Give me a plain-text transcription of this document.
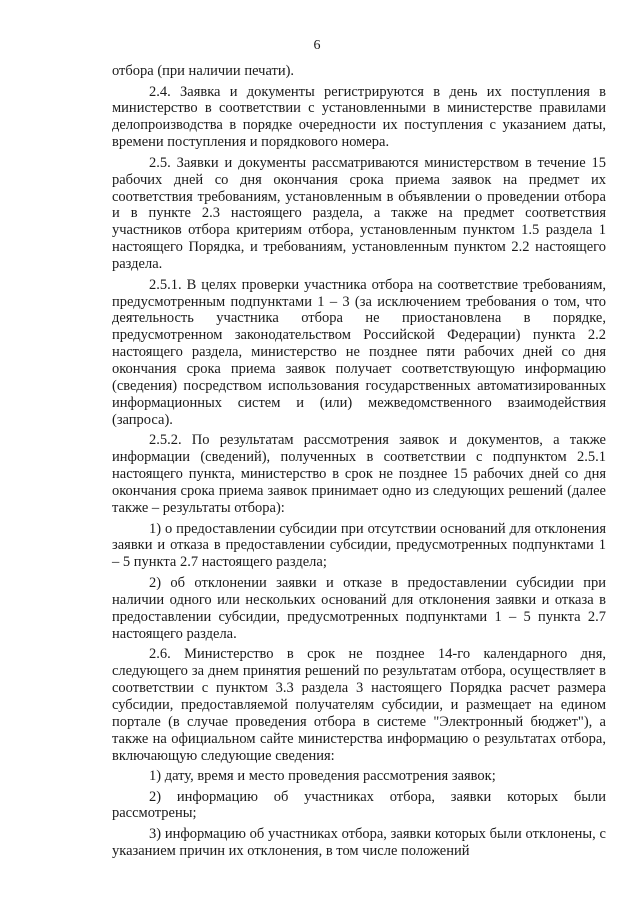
6

отбора (при наличии печати).

2.4. Заявка и документы регистрируются в день их поступления в министерство в соответствии с установленными в министерстве правилами делопроизводства в порядке очередности их поступления с указанием даты, времени поступления и порядкового номера.

2.5. Заявки и документы рассматриваются министерством в течение 15 рабочих дней со дня окончания срока приема заявок на предмет их соответствия требованиям, установленным в объявлении о проведении отбора и в пункте 2.3 настоящего раздела, а также на предмет соответствия участников отбора критериям отбора, установленным пунктом 1.5 раздела 1 настоящего Порядка, и требованиям, установленным пунктом 2.2 настоящего раздела.

2.5.1. В целях проверки участника отбора на соответствие требованиям, предусмотренным подпунктами 1 – 3 (за исключением требования о том, что деятельность участника отбора не приостановлена в порядке, предусмотренном законодательством Российской Федерации) пункта 2.2 настоящего раздела, министерство не позднее пяти рабочих дней со дня окончания срока приема заявок получает соответствующую информацию (сведения) посредством использования государственных автоматизированных информационных систем и (или) межведомственного взаимодействия (запроса).

2.5.2. По результатам рассмотрения заявок и документов, а также информации (сведений), полученных в соответствии с подпунктом 2.5.1 настоящего пункта, министерство в срок не позднее 15 рабочих дней со дня окончания срока приема заявок принимает одно из следующих решений (далее также – результаты отбора):

1) о предоставлении субсидии при отсутствии оснований для отклонения заявки и отказа в предоставлении субсидии, предусмотренных подпунктами 1 – 5 пункта 2.7 настоящего раздела;

2) об отклонении заявки и отказе в предоставлении субсидии при наличии одного или нескольких оснований для отклонения заявки и отказа в предоставлении субсидии, предусмотренных подпунктами 1 – 5 пункта 2.7 настоящего раздела.

2.6. Министерство в срок не позднее 14-го календарного дня, следующего за днем принятия решений по результатам отбора, осуществляет в соответствии с пунктом 3.3 раздела 3 настоящего Порядка расчет размера субсидии, предоставляемой получателям субсидии, и размещает на едином портале (в случае проведения отбора в системе "Электронный бюджет"), а также на официальном сайте министерства информацию о результатах отбора, включающую следующие сведения:

1) дату, время и место проведения рассмотрения заявок;

2) информацию об участниках отбора, заявки которых были рассмотрены;

3) информацию об участниках отбора, заявки которых были отклонены, с указанием причин их отклонения, в том числе положений
